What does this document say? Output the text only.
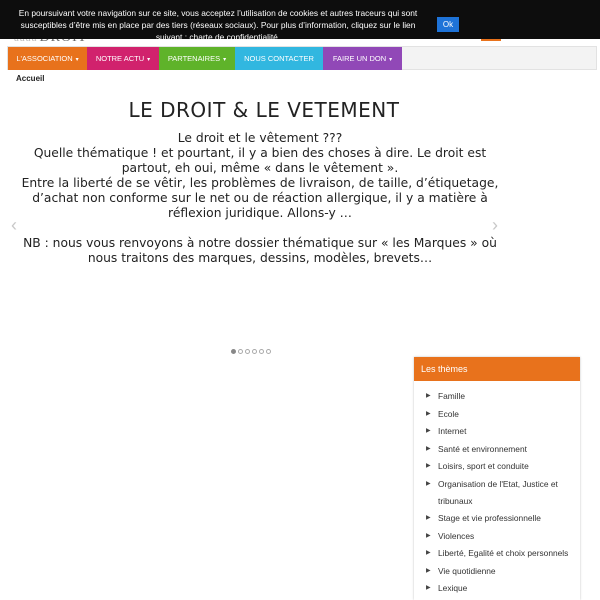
L'ASSOCIATION ▾	NOTRE ACTU ▾	PARTENAIRES ▾	NOUS CONTACTER	FAIRE UN DON ▾
Accueil
LE DROIT & LE VETEMENT

Le droit et le vêtement ???

Quelle thématique ! et pourtant, il y a bien des choses à dire. Le droit est partout, eh oui, même « dans le vêtement ».

Entre la liberté de se vêtir, les problèmes de livraison, de taille, d’étiquetage, d’achat non conforme sur le net ou de réaction allergique, il y a matière à réflexion juridique. Allons-y …

NB : nous vous renvoyons à notre dossier thématique sur « les Marques » où nous traitons des marques, dessins, modèles, brevets…

‹	›
Les thèmes
▶ Famille
▶ Ecole
▶ Internet
▶ Santé et environnement
▶ Loisirs, sport et conduite
▶ Organisation de l'Etat, Justice et tribunaux
▶ Stage et vie professionnelle
▶ Violences
▶ Liberté, Egalité et choix personnels
▶ Vie quotidienne
▶ Lexique
En poursuivant votre navigation sur ce site, vous acceptez l’utilisation de cookies et autres traceurs qui sont susceptibles d’être mis en place par des tiers (réseaux sociaux). Pour plus d’information, cliquez sur le lien suivant : charte de confidentialité.
Ok
